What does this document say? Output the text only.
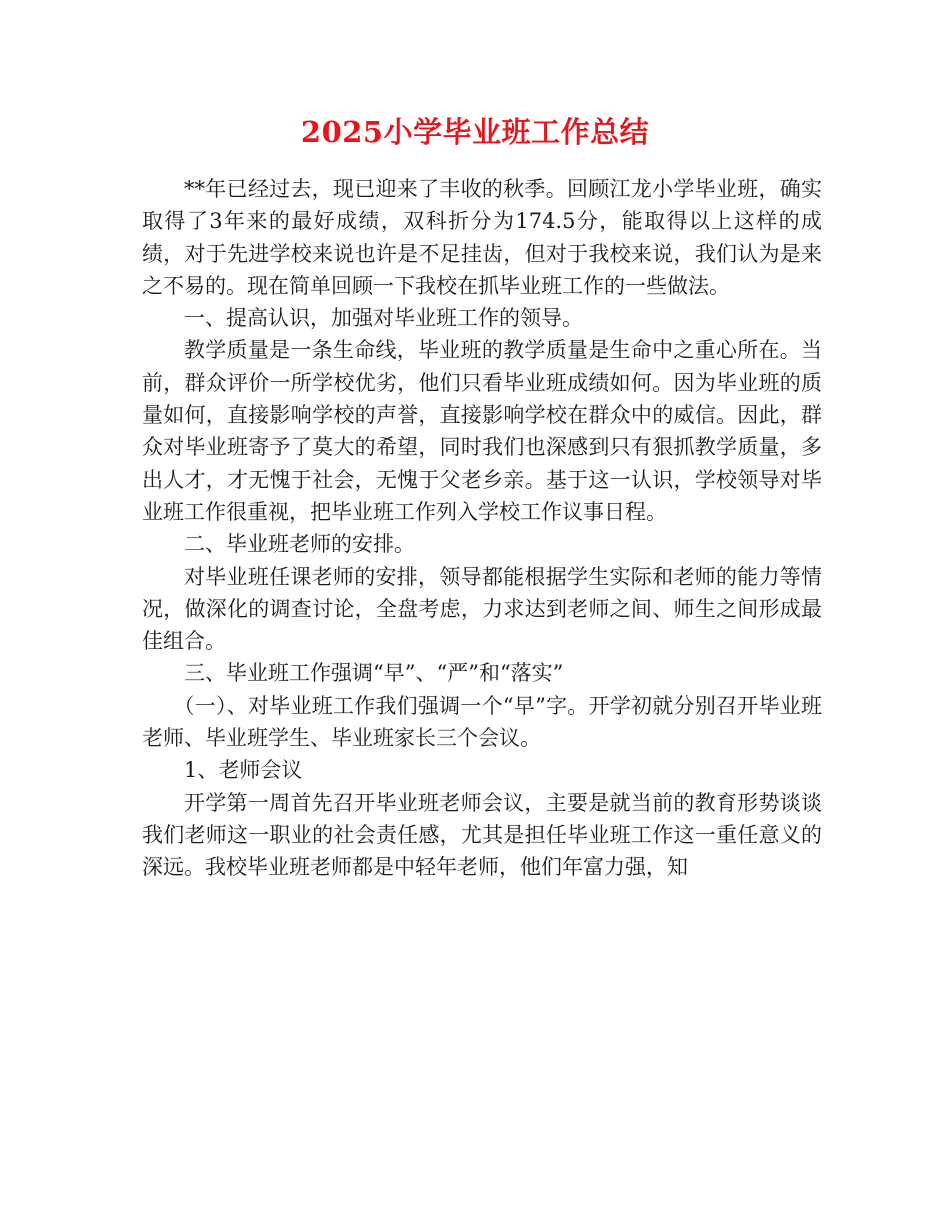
2025小学毕业班工作总结

**年已经过去，现已迎来了丰收的秋季。回顾江龙小学毕业班，确实取得了3年来的最好成绩，双科折分为174.5分，能取得以上这样的成绩，对于先进学校来说也许是不足挂齿，但对于我校来说，我们认为是来之不易的。现在简单回顾一下我校在抓毕业班工作的一些做法。

一、提高认识，加强对毕业班工作的领导。

教学质量是一条生命线，毕业班的教学质量是生命中之重心所在。当前，群众评价一所学校优劣，他们只看毕业班成绩如何。因为毕业班的质量如何，直接影响学校的声誉，直接影响学校在群众中的威信。因此，群众对毕业班寄予了莫大的希望，同时我们也深感到只有狠抓教学质量，多出人才，才无愧于社会，无愧于父老乡亲。基于这一认识，学校领导对毕业班工作很重视，把毕业班工作列入学校工作议事日程。

二、毕业班老师的安排。

对毕业班任课老师的安排，领导都能根据学生实际和老师的能力等情况，做深化的调查讨论，全盘考虑，力求达到老师之间、师生之间形成最佳组合。

三、毕业班工作强调“早”、“严”和“落实”

（一）、对毕业班工作我们强调一个“早”字。开学初就分别召开毕业班老师、毕业班学生、毕业班家长三个会议。

1、老师会议

开学第一周首先召开毕业班老师会议，主要是就当前的教育形势谈谈我们老师这一职业的社会责任感，尤其是担任毕业班工作这一重任意义的深远。我校毕业班老师都是中轻年老师，他们年富力强，知
